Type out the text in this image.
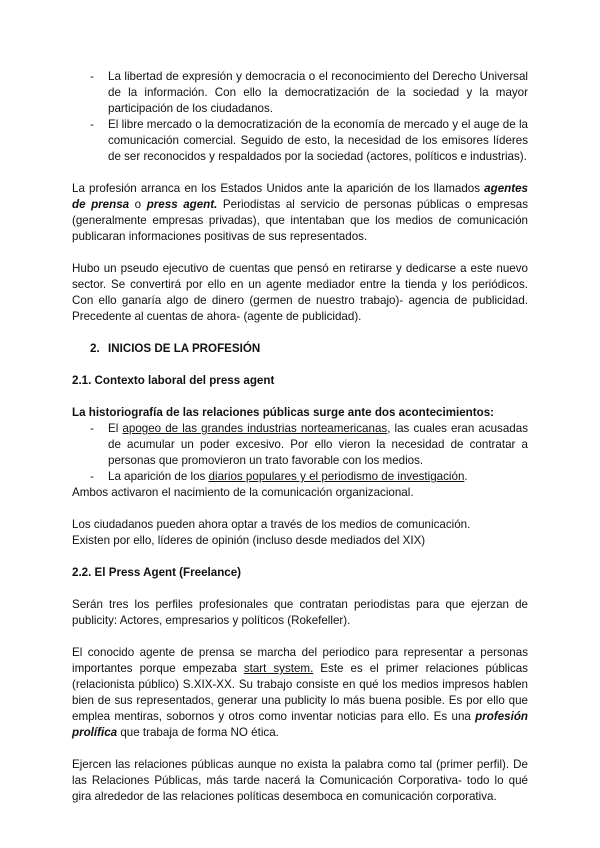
- La libertad de expresión y democracia o el reconocimiento del Derecho Universal de la información. Con ello la democratización de la sociedad y la mayor participación de los ciudadanos.
- El libre mercado o la democratización de la economía de mercado y el auge de la comunicación comercial. Seguido de esto, la necesidad de los emisores líderes de ser reconocidos y respaldados por la sociedad (actores, políticos e industrias).

La profesión arranca en los Estados Unidos ante la aparición de los llamados agentes de prensa o press agent. Periodistas al servicio de personas públicas o empresas (generalmente empresas privadas), que intentaban que los medios de comunicación publicaran informaciones positivas de sus representados.

Hubo un pseudo ejecutivo de cuentas que pensó en retirarse y dedicarse a este nuevo sector. Se convertirá por ello en un agente mediador entre la tienda y los periódicos. Con ello ganaría algo de dinero (germen de nuestro trabajo)- agencia de publicidad. Precedente al cuentas de ahora- (agente de publicidad).

2. INICIOS DE LA PROFESIÓN
2.1. Contexto laboral del press agent
La historiografía de las relaciones públicas surge ante dos acontecimientos:
- El apogeo de las grandes industrias norteamericanas, las cuales eran acusadas de acumular un poder excesivo. Por ello vieron la necesidad de contratar a personas que promovieron un trato favorable con los medios.
- La aparición de los diarios populares y el periodismo de investigación.

Ambos activaron el nacimiento de la comunicación organizacional.

Los ciudadanos pueden ahora optar a través de los medios de comunicación.

Existen por ello, líderes de opinión (incluso desde mediados del XIX)

2.2. El Press Agent (Freelance)

Serán tres los perfiles profesionales que contratan periodistas para que ejerzan de publicity: Actores, empresarios y políticos (Rokefeller).

El conocido agente de prensa se marcha del periodico para representar a personas importantes porque empezaba start system. Este es el primer relaciones públicas (relacionista público) S.XIX-XX. Su trabajo consiste en qué los medios impresos hablen bien de sus representados, generar una publicity lo más buena posible. Es por ello que emplea mentiras, sobornos y otros como inventar noticias para ello. Es una profesión prolífica que trabaja de forma NO ética.

Ejercen las relaciones públicas aunque no exista la palabra como tal (primer perfil). De las Relaciones Públicas, más tarde nacerá la Comunicación Corporativa- todo lo qué gira alrededor de las relaciones políticas desemboca en comunicación corporativa.
